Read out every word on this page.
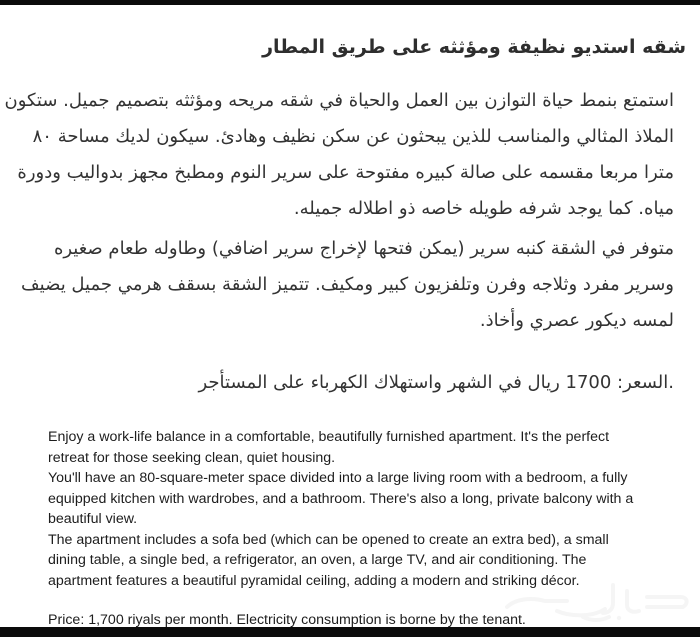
شقه استديو نظيفة ومؤثثه على طريق المطار

استمتع بنمط حياة التوازن بين العمل والحياة في شقه مريحه ومؤثثه بتصميم جميل. ستكون الملاذ المثالي والمناسب للذين يبحثون عن سكن نظيف وهادئ. سيكون لديك مساحة ٨٠ مترا مربعا مقسمه على صالة كبيره مفتوحة على سرير النوم ومطبخ مجهز بدواليب ودورة مياه. كما يوجد شرفه طويله خاصه ذو اطلاله جميله.

متوفر في الشقة كنبه سرير (يمكن فتحها لإخراج سرير اضافي) وطاوله طعام صغيره وسرير مفرد وثلاجه وفرن وتلفزيون كبير ومكيف. تتميز الشقة بسقف هرمي جميل يضيف لمسه ديكور عصري وأخاذ.

.السعر: 1700 ريال في الشهر واستهلاك الكهرباء على المستأجر

Enjoy a work-life balance in a comfortable, beautifully furnished apartment. It's the perfect retreat for those seeking clean, quiet housing.

You'll have an 80-square-meter space divided into a large living room with a bedroom, a fully equipped kitchen with wardrobes, and a bathroom. There's also a long, private balcony with a beautiful view.

The apartment includes a sofa bed (which can be opened to create an extra bed), a small dining table, a single bed, a refrigerator, an oven, a large TV, and air conditioning. The apartment features a beautiful pyramidal ceiling, adding a modern and striking décor.

Price: 1,700 riyals per month. Electricity consumption is borne by the tenant.
